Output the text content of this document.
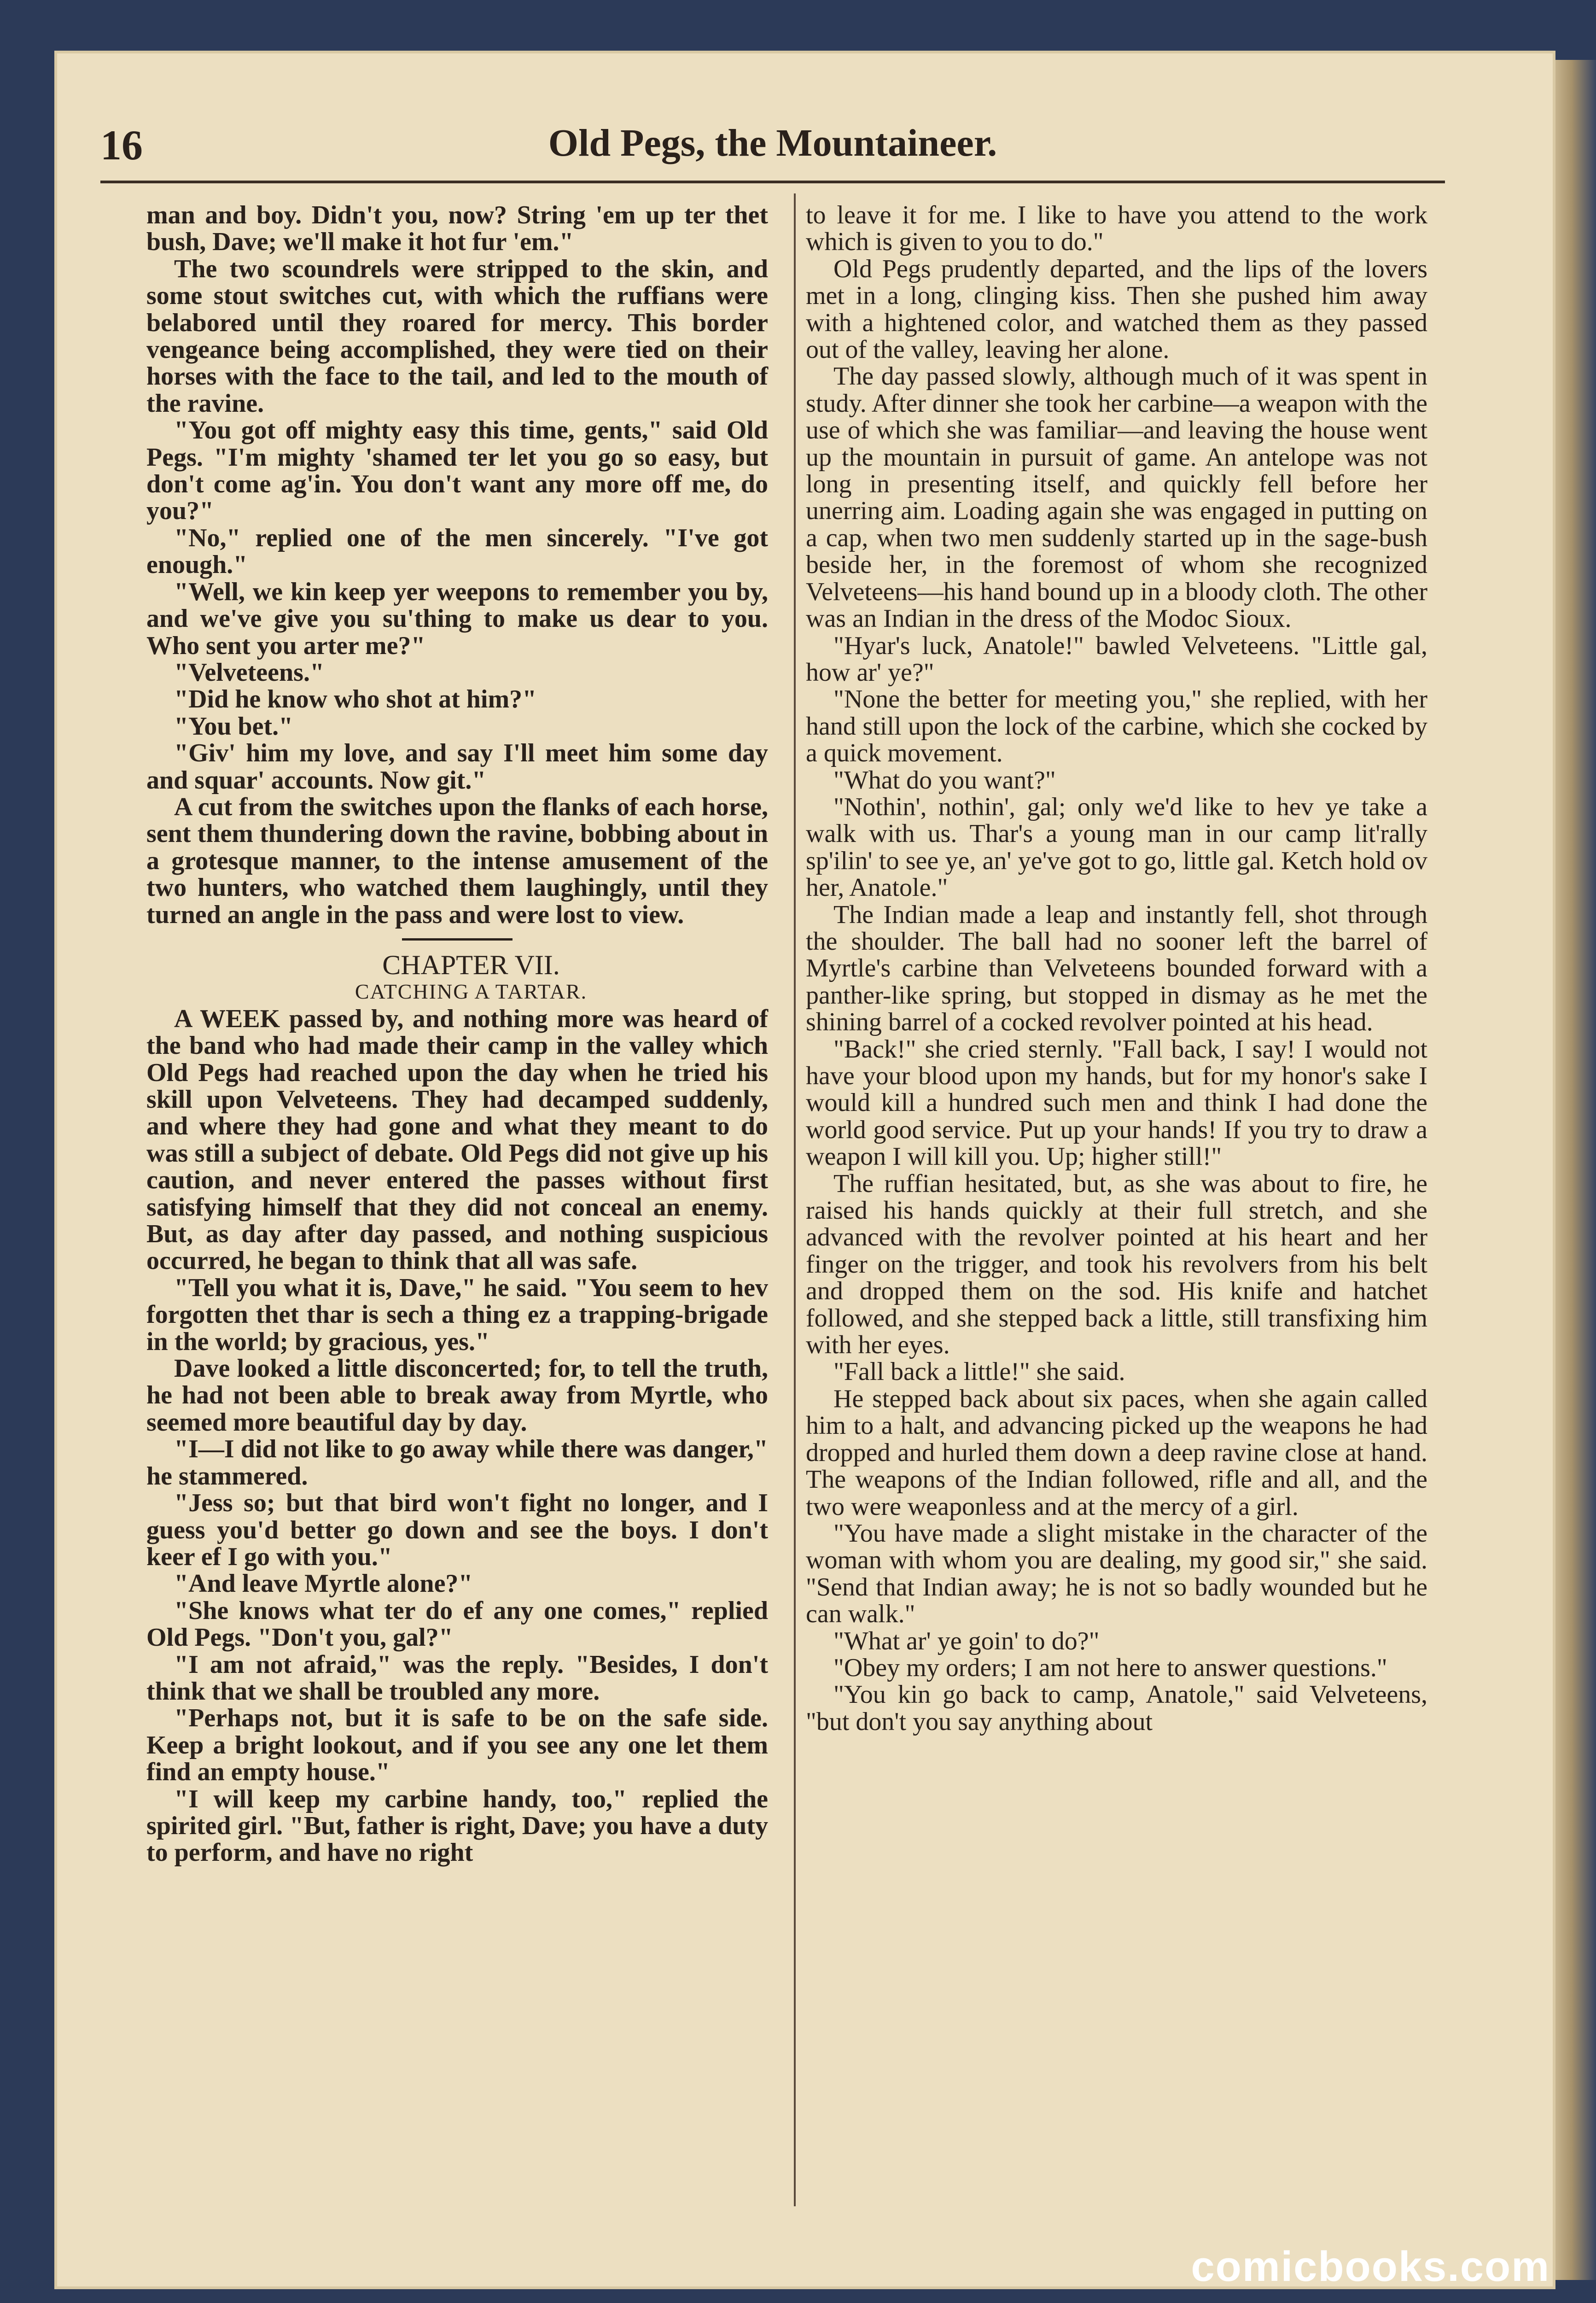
16	Old Pegs, the Mountaineer.

man and boy. Didn't you, now? String 'em up ter thet bush, Dave; we'll make it hot fur 'em."

The two scoundrels were stripped to the skin, and some stout switches cut, with which the ruffians were belabored until they roared for mercy. This border vengeance being accomplished, they were tied on their horses with the face to the tail, and led to the mouth of the ravine.

"You got off mighty easy this time, gents," said Old Pegs. "I'm mighty 'shamed ter let you go so easy, but don't come ag'in. You don't want any more off me, do you?"

"No," replied one of the men sincerely. "I've got enough."

"Well, we kin keep yer weepons to remember you by, and we've give you su'thing to make us dear to you. Who sent you arter me?"

"Velveteens."

"Did he know who shot at him?"

"You bet."

"Giv' him my love, and say I'll meet him some day and squar' accounts. Now git."

A cut from the switches upon the flanks of each horse, sent them thundering down the ravine, bobbing about in a grotesque manner, to the intense amusement of the two hunters, who watched them laughingly, until they turned an angle in the pass and were lost to view.

CHAPTER VII.

CATCHING A TARTAR.

A WEEK passed by, and nothing more was heard of the band who had made their camp in the valley which Old Pegs had reached upon the day when he tried his skill upon Velveteens. They had decamped suddenly, and where they had gone and what they meant to do was still a subject of debate. Old Pegs did not give up his caution, and never entered the passes without first satisfying himself that they did not conceal an enemy. But, as day after day passed, and nothing suspicious occurred, he began to think that all was safe.

"Tell you what it is, Dave," he said. "You seem to hev forgotten thet thar is sech a thing ez a trapping-brigade in the world; by gracious, yes."

Dave looked a little disconcerted; for, to tell the truth, he had not been able to break away from Myrtle, who seemed more beautiful day by day.

"I—I did not like to go away while there was danger," he stammered.

"Jess so; but that bird won't fight no longer, and I guess you'd better go down and see the boys. I don't keer ef I go with you."

"And leave Myrtle alone?"

"She knows what ter do ef any one comes," replied Old Pegs. "Don't you, gal?"

"I am not afraid," was the reply. "Besides, I don't think that we shall be troubled any more.

"Perhaps not, but it is safe to be on the safe side. Keep a bright lookout, and if you see any one let them find an empty house."

"I will keep my carbine handy, too," replied the spirited girl. "But, father is right, Dave; you have a duty to perform, and have no right

to leave it for me. I like to have you attend to the work which is given to you to do."

Old Pegs prudently departed, and the lips of the lovers met in a long, clinging kiss. Then she pushed him away with a hightened color, and watched them as they passed out of the valley, leaving her alone.

The day passed slowly, although much of it was spent in study. After dinner she took her carbine—a weapon with the use of which she was familiar—and leaving the house went up the mountain in pursuit of game. An antelope was not long in presenting itself, and quickly fell before her unerring aim. Loading again she was engaged in putting on a cap, when two men suddenly started up in the sage-bush beside her, in the foremost of whom she recognized Velveteens—his hand bound up in a bloody cloth. The other was an Indian in the dress of the Modoc Sioux.

"Hyar's luck, Anatole!" bawled Velveteens. "Little gal, how ar' ye?"

"None the better for meeting you," she replied, with her hand still upon the lock of the carbine, which she cocked by a quick movement.

"What do you want?"

"Nothin', nothin', gal; only we'd like to hev ye take a walk with us. Thar's a young man in our camp lit'rally sp'ilin' to see ye, an' ye've got to go, little gal. Ketch hold ov her, Anatole."

The Indian made a leap and instantly fell, shot through the shoulder. The ball had no sooner left the barrel of Myrtle's carbine than Velveteens bounded forward with a panther-like spring, but stopped in dismay as he met the shining barrel of a cocked revolver pointed at his head.

"Back!" she cried sternly. "Fall back, I say! I would not have your blood upon my hands, but for my honor's sake I would kill a hundred such men and think I had done the world good service. Put up your hands! If you try to draw a weapon I will kill you. Up; higher still!"

The ruffian hesitated, but, as she was about to fire, he raised his hands quickly at their full stretch, and she advanced with the revolver pointed at his heart and her finger on the trigger, and took his revolvers from his belt and dropped them on the sod. His knife and hatchet followed, and she stepped back a little, still transfixing him with her eyes.

"Fall back a little!" she said.

He stepped back about six paces, when she again called him to a halt, and advancing picked up the weapons he had dropped and hurled them down a deep ravine close at hand. The weapons of the Indian followed, rifle and all, and the two were weaponless and at the mercy of a girl.

"You have made a slight mistake in the character of the woman with whom you are dealing, my good sir," she said. "Send that Indian away; he is not so badly wounded but he can walk."

"What ar' ye goin' to do?"

"Obey my orders; I am not here to answer questions."

"You kin go back to camp, Anatole," said Velveteens, "but don't you say anything about

comicbooks.com
